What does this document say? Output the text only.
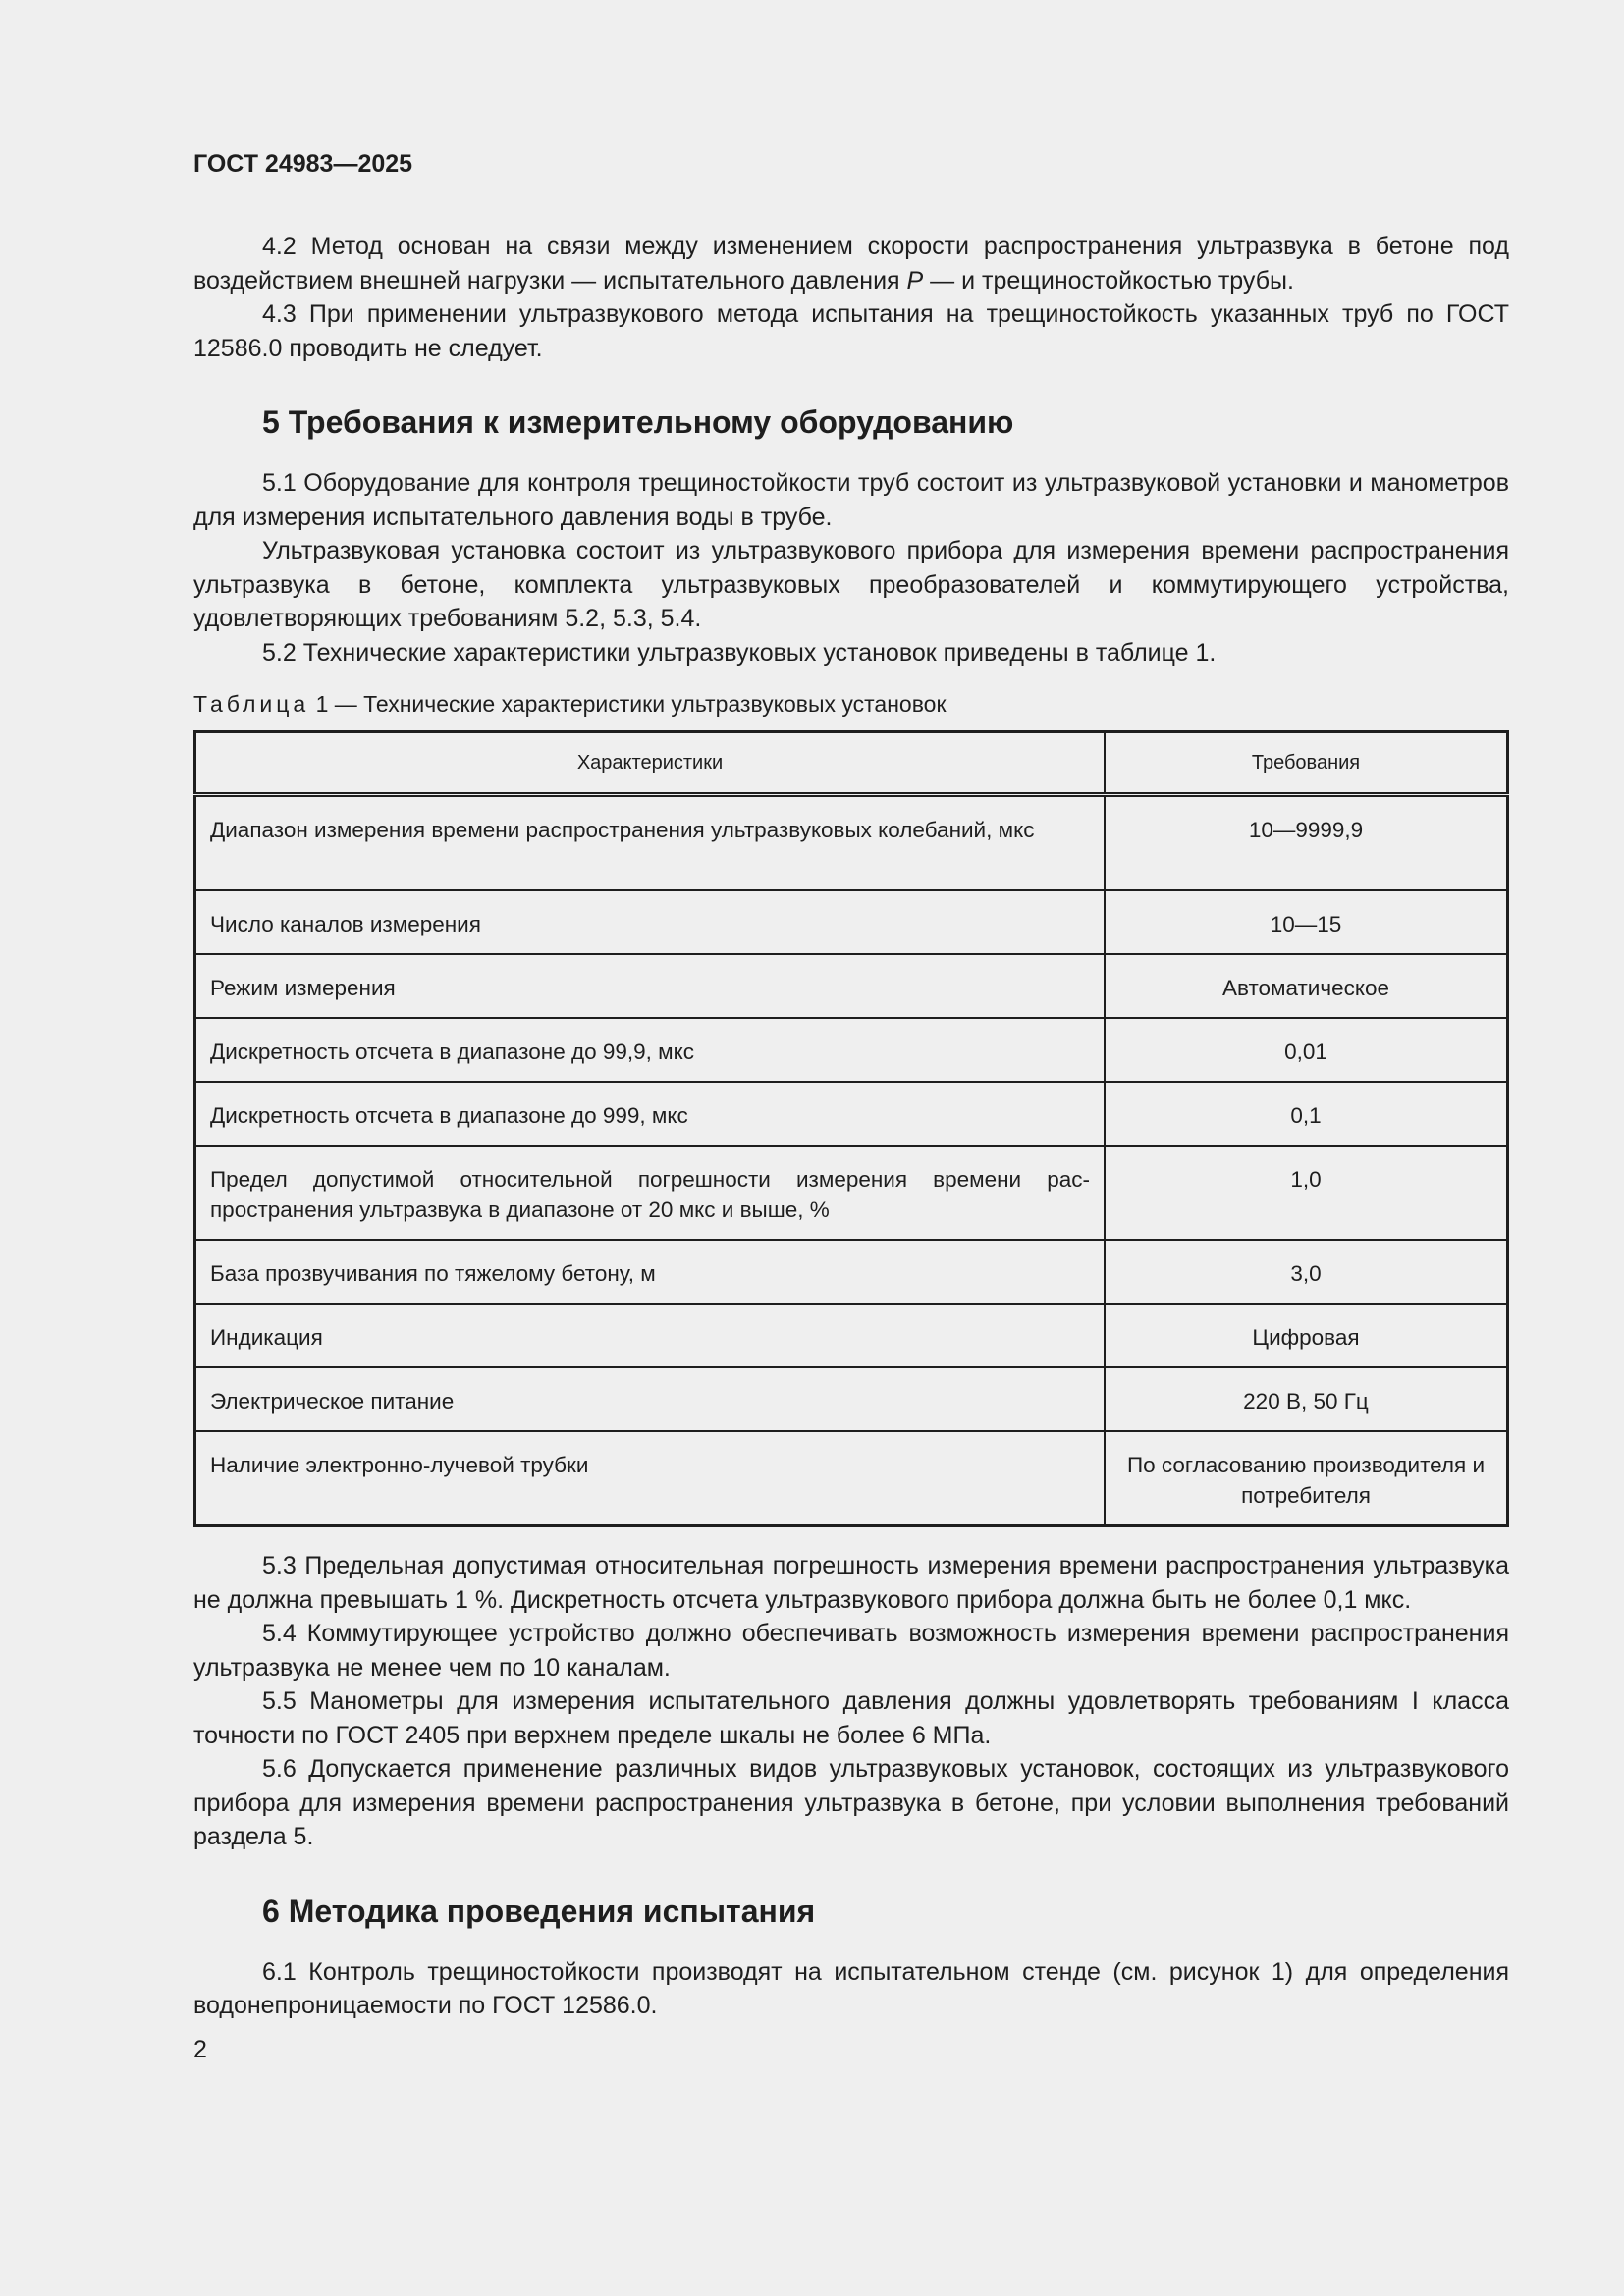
ГОСТ 24983—2025

4.2 Метод основан на связи между изменением скорости распространения ультразвука в бетоне под воздействием внешней нагрузки — испытательного давления P — и трещиностойкостью трубы.

4.3 При применении ультразвукового метода испытания на трещиностойкость указанных труб по ГОСТ 12586.0 проводить не следует.

5 Требования к измерительному оборудованию

5.1 Оборудование для контроля трещиностойкости труб состоит из ультразвуковой установки и манометров для измерения испытательного давления воды в трубе.

Ультразвуковая установка состоит из ультразвукового прибора для измерения времени распространения ультразвука в бетоне, комплекта ультразвуковых преобразователей и коммутирующего устройства, удовлетворяющих требованиям 5.2, 5.3, 5.4.

5.2 Технические характеристики ультразвуковых установок приведены в таблице 1.

Таблица 1 — Технические характеристики ультразвуковых установок
Характеристики	Требования
Диапазон измерения времени распространения ультразвуковых колебаний, мкс	10—9999,9
Число каналов измерения	10—15
Режим измерения	Автоматическое
Дискретность отсчета в диапазоне до 99,9, мкс	0,01
Дискретность отсчета в диапазоне до 999, мкс	0,1
Предел допустимой относительной погрешности измерения времени распространения ультразвука в диапазоне от 20 мкс и выше, %	1,0
База прозвучивания по тяжелому бетону, м	3,0
Индикация	Цифровая
Электрическое питание	220 В, 50 Гц
Наличие электронно-лучевой трубки	По согласованию производителя и потребителя

5.3 Предельная допустимая относительная погрешность измерения времени распространения ультразвука не должна превышать 1 %. Дискретность отсчета ультразвукового прибора должна быть не более 0,1 мкс.

5.4 Коммутирующее устройство должно обеспечивать возможность измерения времени распространения ультразвука не менее чем по 10 каналам.

5.5 Манометры для измерения испытательного давления должны удовлетворять требованиям I класса точности по ГОСТ 2405 при верхнем пределе шкалы не более 6 МПа.

5.6 Допускается применение различных видов ультразвуковых установок, состоящих из ультразвукового прибора для измерения времени распространения ультразвука в бетоне, при условии выполнения требований раздела 5.

6 Методика проведения испытания

6.1 Контроль трещиностойкости производят на испытательном стенде (см. рисунок 1) для определения водонепроницаемости по ГОСТ 12586.0.

2
